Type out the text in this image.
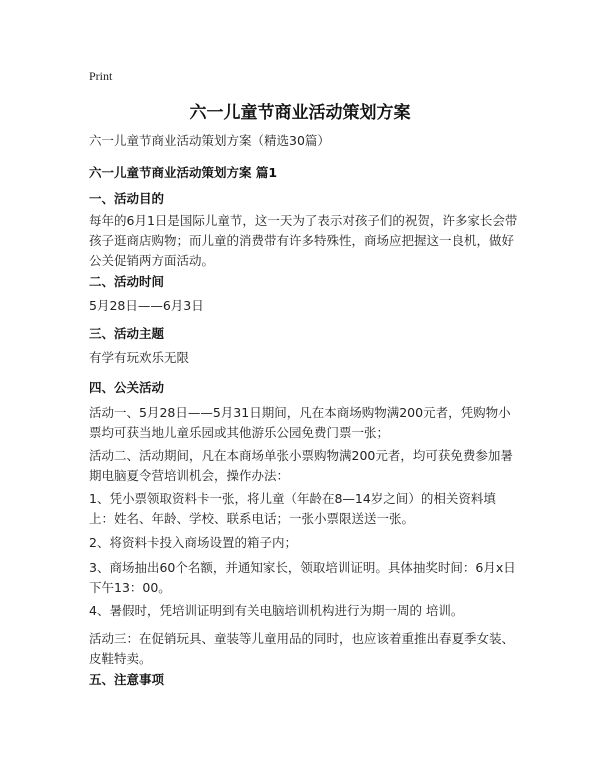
Print
六一儿童节商业活动策划方案
六一儿童节商业活动策划方案（精选30篇）
六一儿童节商业活动策划方案 篇1
一、活动目的
每年的6月1日是国际儿童节，这一天为了表示对孩子们的祝贺，许多家长会带孩子逛商店购物；而儿童的消费带有许多特殊性，商场应把握这一良机，做好公关促销两方面活动。
二、活动时间
5月28日——6月3日
三、活动主题
有学有玩欢乐无限
四、公关活动
活动一、5月28日——5月31日期间，凡在本商场购物满200元者，凭购物小票均可获当地儿童乐园或其他游乐公园免费门票一张；
活动二、活动期间，凡在本商场单张小票购物满200元者，均可获免费参加暑期电脑夏令营培训机会，操作办法：
1、凭小票领取资料卡一张，将儿童（年龄在8—14岁之间）的相关资料填上：姓名、年龄、学校、联系电话；一张小票限送送一张。
2、将资料卡投入商场设置的箱子内；
3、商场抽出60个名额，并通知家长，领取培训证明。具体抽奖时间：6月x日下午13：00。
4、暑假时，凭培训证明到有关电脑培训机构进行为期一周的 培训。
活动三：在促销玩具、童装等儿童用品的同时，也应该着重推出春夏季女装、皮鞋特卖。
五、注意事项
